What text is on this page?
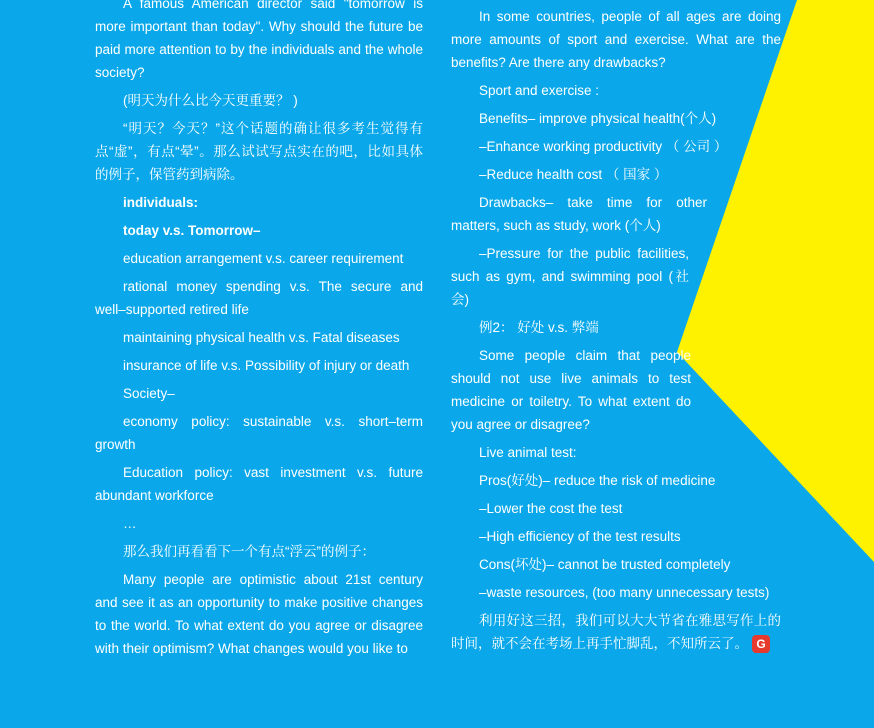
A famous American director said "tomorrow is more important than today". Why should the future be paid more attention to by the individuals and the whole society?

(明天为什么比今天更重要？ )

“明天？今天？”这个话题的确让很多考生觉得有点“虚”，有点“晕”。那么试试写点实在的吧，比如具体的例子，保管药到病除。

individuals:

today v.s. Tomorrow–

education arrangement v.s. career requirement

rational money spending v.s. The secure and well–supported retired life

maintaining physical health v.s. Fatal diseases

insurance of life v.s. Possibility of injury or death

Society–

economy policy: sustainable v.s. short–term growth

Education policy: vast investment v.s. future abundant workforce

…

那么我们再看看下一个有点“浮云”的例子：

Many people are optimistic about 21st century and see it as an opportunity to make positive changes to the world. To what extent do you agree or disagree with their optimism? What changes would you like to

In some countries, people of all ages are doing more amounts of sport and exercise. What are the benefits? Are there any drawbacks?

Sport and exercise :

Benefits– improve physical health(个人)

–Enhance working productivity （ 公司 ）

–Reduce health cost （ 国家 ）

Drawbacks– take time for other matters, such as study, work (个人)

–Pressure for the public facilities, such as gym, and swimming pool (社会)

例2： 好处 v.s. 弊端

Some people claim that people should not use live animals to test medicine or toiletry. To what extent do you agree or disagree?

Live animal test:

Pros(好处)– reduce the risk of medicine

–Lower the cost the test

–High efficiency of the test results

Cons(坏处)– cannot be trusted completely

–waste resources, (too many unnecessary tests)

利用好这三招，我们可以大大节省在雅思写作上的时间，就不会在考场上再手忙脚乱，不知所云了。 G
